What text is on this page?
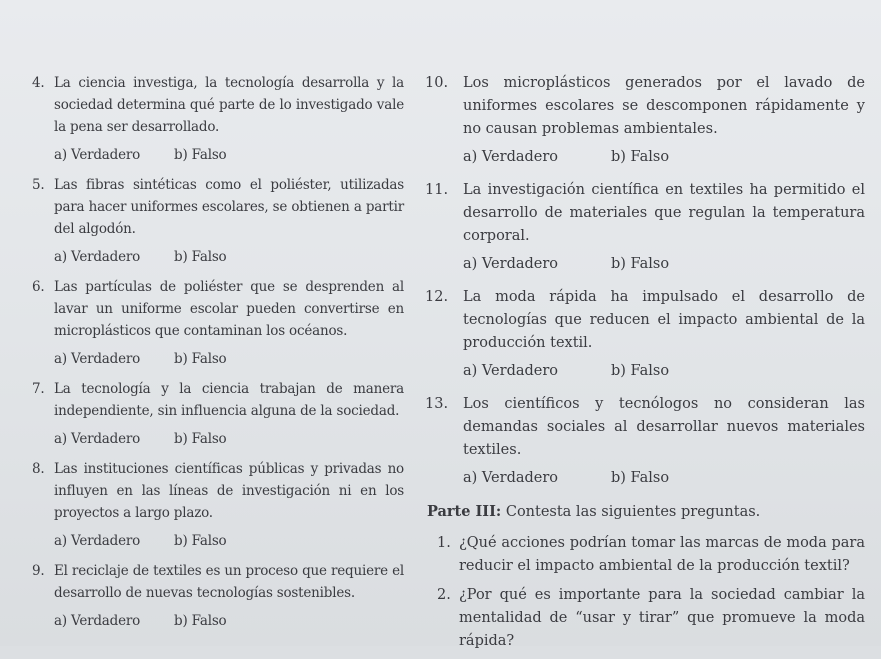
4. La ciencia investiga, la tecnología desarrolla y la sociedad determina qué parte de lo investigado vale la pena ser desarrollado.
a) Verdadero	b) Falso
5. Las fibras sintéticas como el poliéster, utilizadas para hacer uniformes escolares, se obtienen a partir del algodón.
a) Verdadero	b) Falso
6. Las partículas de poliéster que se desprenden al lavar un uniforme escolar pueden convertirse en microplásticos que contaminan los océanos.
a) Verdadero	b) Falso
7. La tecnología y la ciencia trabajan de manera independiente, sin influencia alguna de la sociedad.
a) Verdadero	b) Falso
8. Las instituciones científicas públicas y privadas no influyen en las líneas de investigación ni en los proyectos a largo plazo.
a) Verdadero	b) Falso
9. El reciclaje de textiles es un proceso que requiere el desarrollo de nuevas tecnologías sostenibles.
a) Verdadero	b) Falso
10. Los microplásticos generados por el lavado de uniformes escolares se descomponen rápidamente y no causan problemas ambientales.
a) Verdadero	b) Falso
11. La investigación científica en textiles ha permitido el desarrollo de materiales que regulan la temperatura corporal.
a) Verdadero	b) Falso
12. La moda rápida ha impulsado el desarrollo de tecnologías que reducen el impacto ambiental de la producción textil.
a) Verdadero	b) Falso
13. Los científicos y tecnólogos no consideran las demandas sociales al desarrollar nuevos materiales textiles.
a) Verdadero	b) Falso
Parte III: Contesta las siguientes preguntas.
1. ¿Qué acciones podrían tomar las marcas de moda para reducir el impacto ambiental de la producción textil?
2. ¿Por qué es importante para la sociedad cambiar la mentalidad de “usar y tirar” que promueve la moda rápida?
